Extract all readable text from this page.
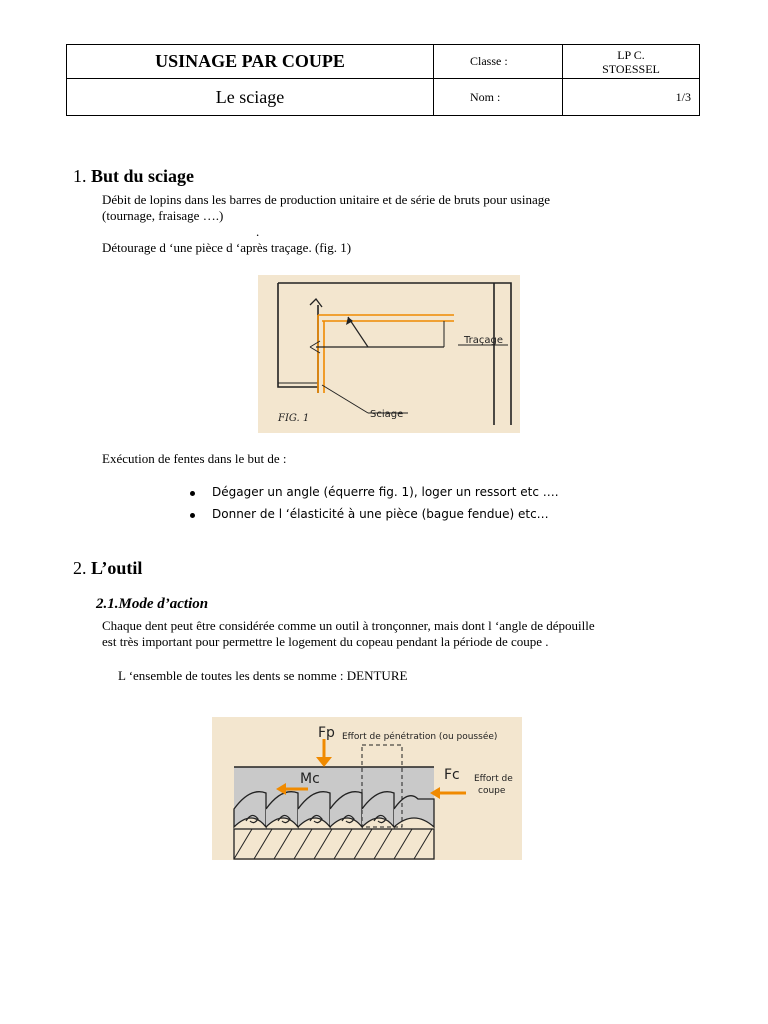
USINAGE PAR COUPE	Classe :	LP C.
STOESSEL

Le sciage	Nom :	1/3
1. But du sciage
Débit de lopins dans les barres de production unitaire et de série de bruts pour usinage
(tournage, fraisage ….)
.
Détourage d ‘une pièce d ‘après traçage. (fig. 1)
Traçage
Sciage
FIG. 1
Exécution de fentes dans le but de :
Dégager un angle (équerre fig. 1), loger un ressort etc ….
Donner de l ‘élasticité à une pièce (bague fendue) etc…
2. L’outil
2.1.Mode d’action
Chaque dent peut être considérée comme un outil à tronçonner, mais dont l ‘angle de dépouille
est très important pour permettre le logement du copeau pendant la période de coupe .
L ‘ensemble de toutes les dents se nomme : DENTURE
Fp Effort de pénétration (ou poussée)
Mc	Fc Effort de
coupe
